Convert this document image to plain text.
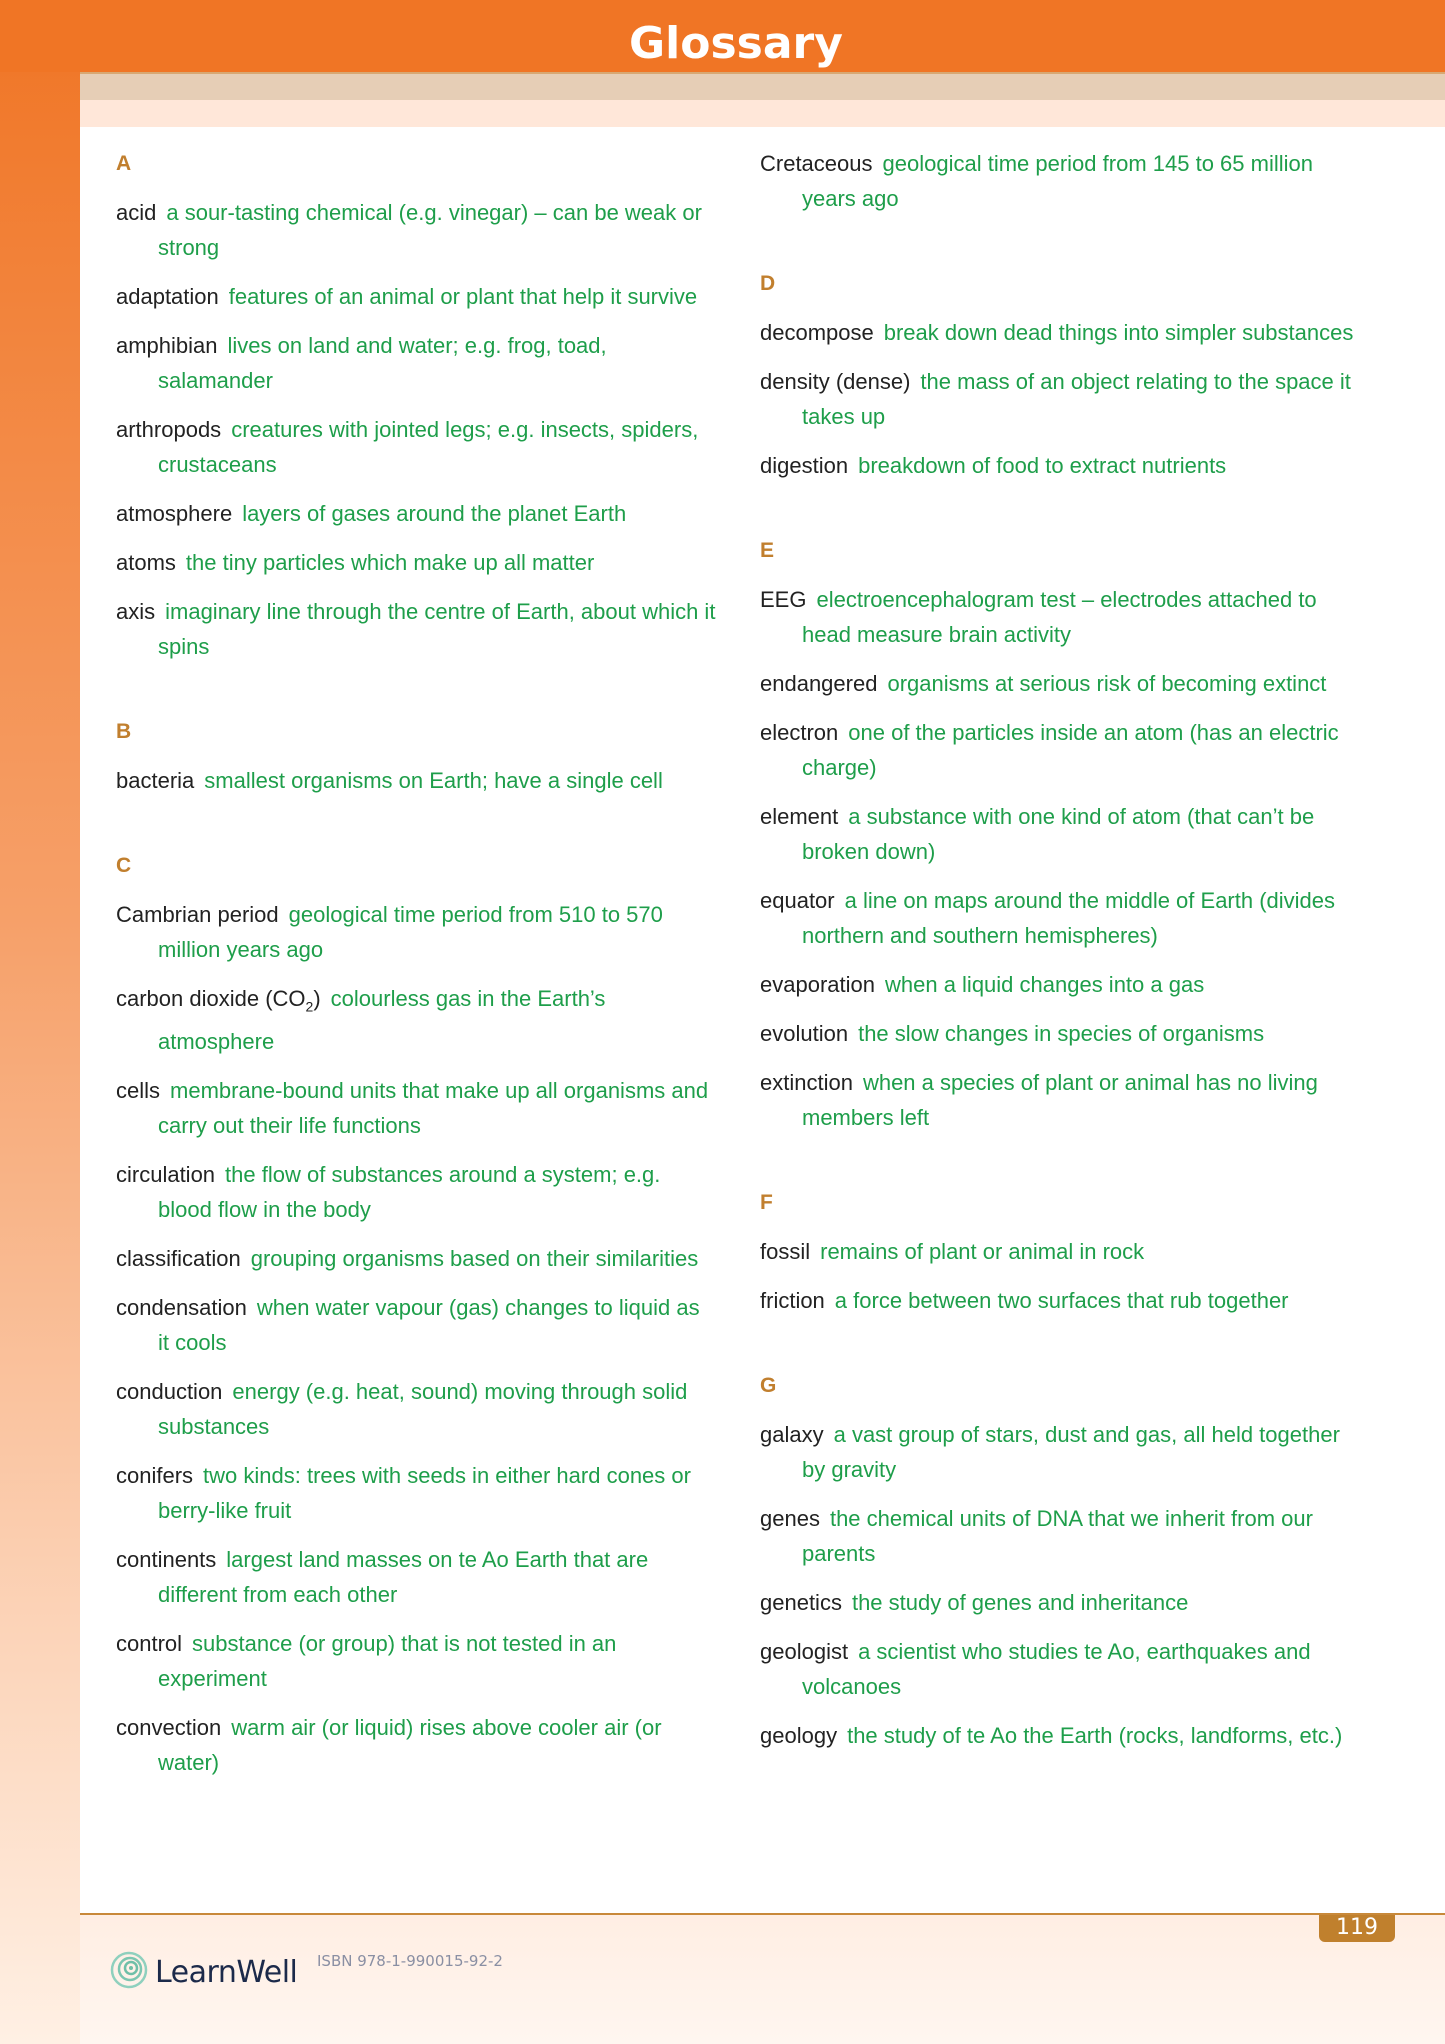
Glossary
A
acid a sour-tasting chemical (e.g. vinegar) – can be weak or strong
adaptation features of an animal or plant that help it survive
amphibian lives on land and water; e.g. frog, toad, salamander
arthropods creatures with jointed legs; e.g. insects, spiders, crustaceans
atmosphere layers of gases around the planet Earth
atoms the tiny particles which make up all matter
axis imaginary line through the centre of Earth, about which it spins
B
bacteria smallest organisms on Earth; have a single cell
C
Cambrian period geological time period from 510 to 570 million years ago
carbon dioxide $(CO_2)$ colourless gas in the Earth’s atmosphere
cells membrane-bound units that make up all organisms and carry out their life functions
circulation the flow of substances around a system; e.g. blood flow in the body
classification grouping organisms based on their similarities
condensation when water vapour (gas) changes to liquid as it cools
conduction energy (e.g. heat, sound) moving through solid substances
conifers two kinds: trees with seeds in either hard cones or berry-like fruit
continents largest land masses on te Ao Earth that are different from each other
control substance (or group) that is not tested in an experiment
convection warm air (or liquid) rises above cooler air (or water)
Cretaceous geological time period from 145 to 65 million years ago
D
decompose break down dead things into simpler substances
density (dense) the mass of an object relating to the space it takes up
digestion breakdown of food to extract nutrients
E
EEG electroencephalogram test – electrodes attached to head measure brain activity
endangered organisms at serious risk of becoming extinct
electron one of the particles inside an atom (has an electric charge)
element a substance with one kind of atom (that can’t be broken down)
equator a line on maps around the middle of Earth (divides northern and southern hemispheres)
evaporation when a liquid changes into a gas
evolution the slow changes in species of organisms
extinction when a species of plant or animal has no living members left
F
fossil remains of plant or animal in rock
friction a force between two surfaces that rub together
G
galaxy a vast group of stars, dust and gas, all held together by gravity
genes the chemical units of DNA that we inherit from our parents
genetics the study of genes and inheritance
geologist a scientist who studies te Ao, earthquakes and volcanoes
geology the study of te Ao the Earth (rocks, landforms, etc.)
119
LearnWell ISBN 978-1-990015-92-2
